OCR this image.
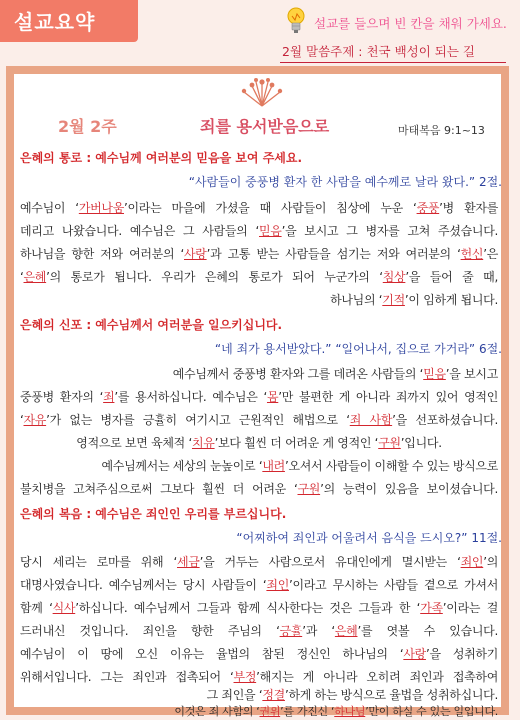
설교요약	설교를 들으며 빈 칸을 채워 가세요.
2월 말씀주제 : 천국 백성이 되는 길
2월 2주	죄를 용서받음으로	마태복음 9:1~13
은혜의 통로 : 예수님께 여러분의 믿음을 보여 주세요.
“사람들이 중풍병 환자 한 사람을 예수께로 날라 왔다.” 2절.
예수님이 ‘가버나움’이라는 마을에 가셨을 때 사람들이 침상에 누운 ‘중풍’병 환자를
데리고 나왔습니다. 예수님은 그 사람들의 ‘믿음’을 보시고 그 병자를 고쳐 주셨습니다.
하나님을 향한 저와 여러분의 ‘사랑’과 고통 받는 사람들을 섬기는 저와 여러분의 ‘헌신’은
‘은혜’의 통로가 됩니다. 우리가 은혜의 통로가 되어 누군가의 ‘침상’을 들어 줄 때,
하나님의 ‘기적’이 임하게 됩니다.
은혜의 신포 : 예수님께서 여러분을 일으키십니다.
“네 죄가 용서받았다.” “일어나서, 집으로 가거라” 6절.
예수님께서 중풍병 환자와 그를 데려온 사람들의 ‘믿음’을 보시고
중풍병 환자의 ‘죄’를 용서하십니다. 예수님은 ‘몸’만 불편한 게 아니라 죄까지 있어 영적인
‘자유’가 없는 병자를 긍휼히 여기시고 근원적인 해법으로 ‘죄 사함’을 선포하셨습니다.
영적으로 보면 육체적 ‘치유’보다 훨씬 더 어려운 게 영적인 ‘구원’입니다.
예수님께서는 세상의 눈높이로 ‘내려’오셔서 사람들이 이해할 수 있는 방식으로
불치병을 고쳐주심으로써 그보다 훨씬 더 어려운 ‘구원’의 능력이 있음을 보이셨습니다.
은혜의 복음 : 예수님은 죄인인 우리를 부르십니다.
“어찌하여 죄인과 어울려서 음식을 드시오?” 11절.
당시 세리는 로마를 위해 ‘세금’을 거두는 사람으로서 유대인에게 멸시받는 ‘죄인’의
대명사였습니다. 예수님께서는 당시 사람들이 ‘죄인’이라고 무시하는 사람들 곁으로 가셔서
함께 ‘식사’하십니다. 예수님께서 그들과 함께 식사한다는 것은 그들과 한 ‘가족’이라는 걸
드러내신 것입니다. 죄인을 향한 주님의 ‘긍휼’과 ‘은혜’를 엿볼 수 있습니다.
예수님이 이 땅에 오신 이유는 율법의 참된 정신인 하나님의 ‘사랑’을 성취하기
위해서입니다. 그는 죄인과 접촉되어 ‘부정’해지는 게 아니라 오히려 죄인과 접촉하여
그 죄인을 ‘정결’하게 하는 방식으로 율법을 성취하십니다.
이것은 죄 사함의 ‘권위’를 가진신 ‘하나님’만이 하실 수 있는 일입니다.
